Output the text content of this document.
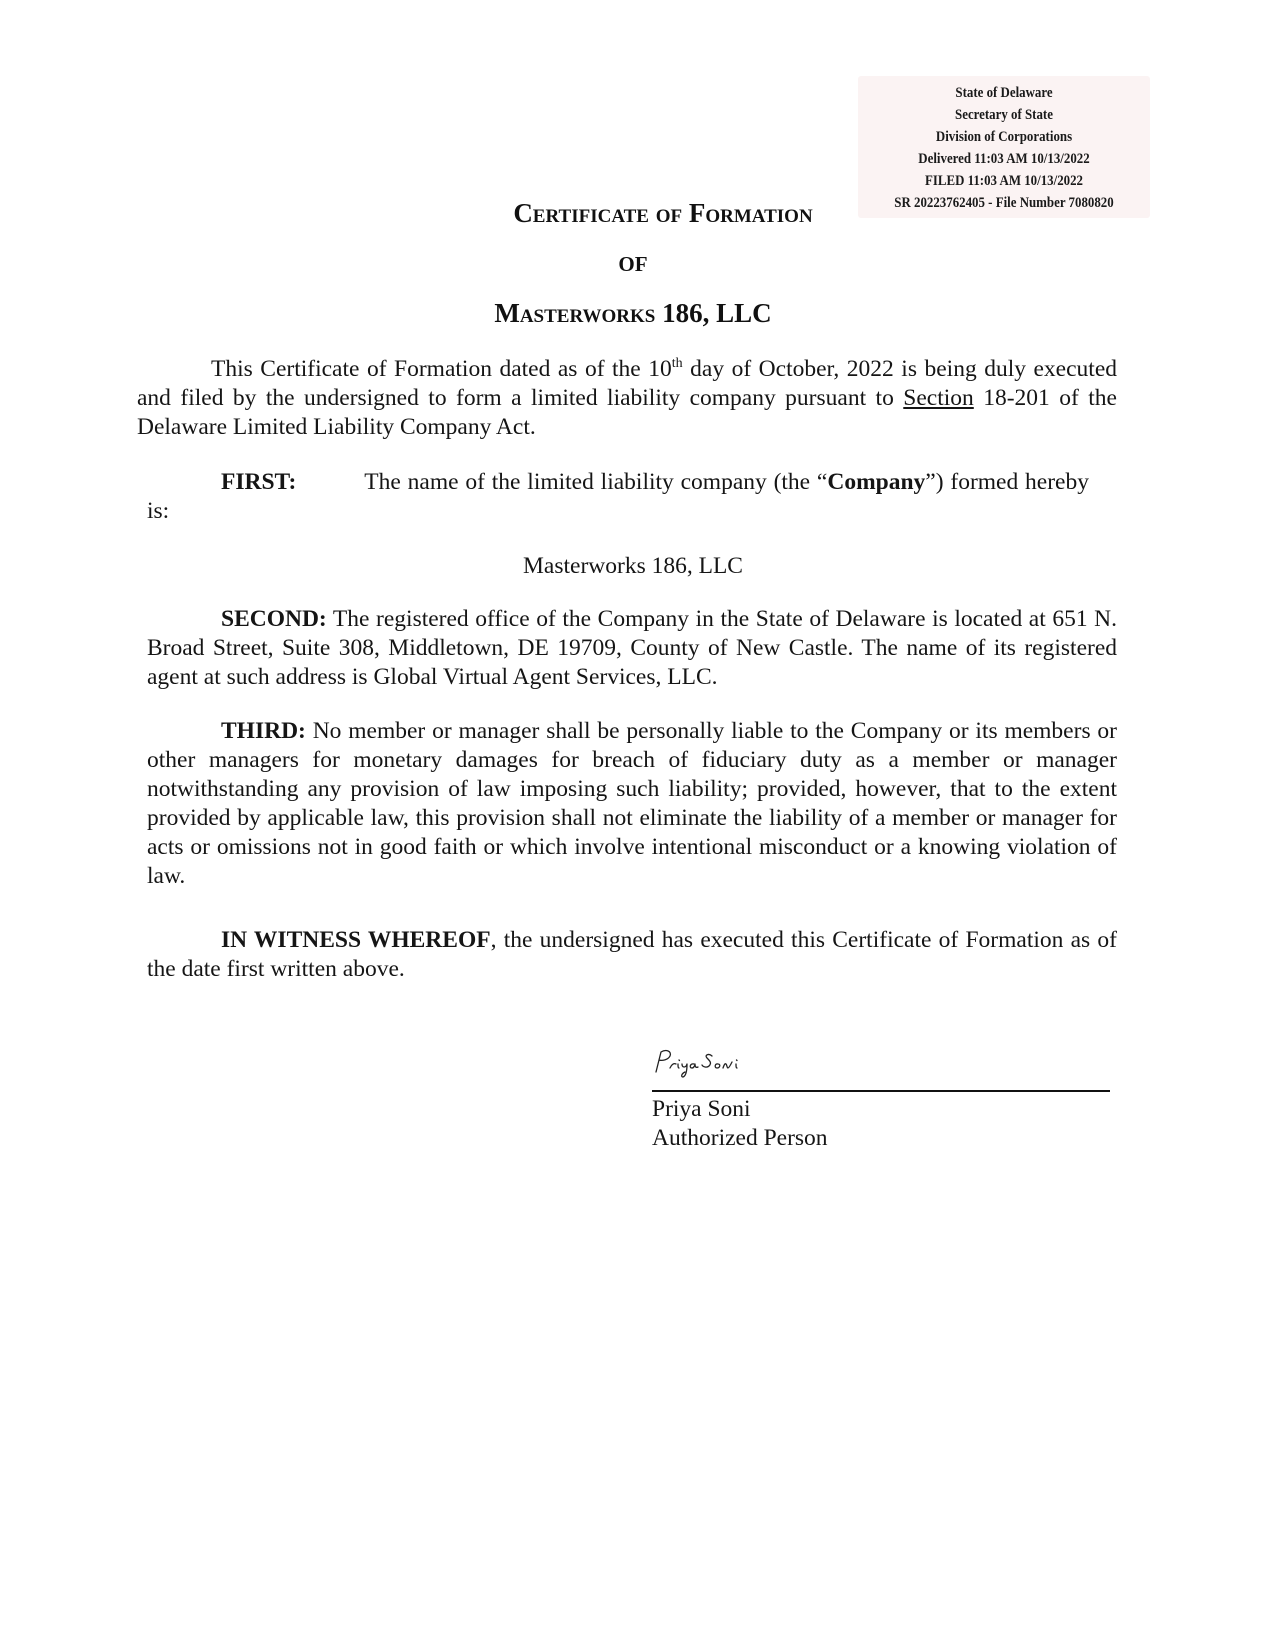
State of Delaware
Secretary of State
Division of Corporations
Delivered 11:03 AM 10/13/2022
FILED 11:03 AM 10/13/2022
SR 20223762405 - File Number 7080820
Certificate of Formation
OF
Masterworks 186, LLC
This Certificate of Formation dated as of the 10th day of October, 2022 is being duly executed and filed by the undersigned to form a limited liability company pursuant to Section 18-201 of the Delaware Limited Liability Company Act.
FIRST:	The name of the limited liability company (the “Company”) formed hereby is:
Masterworks 186, LLC
SECOND: The registered office of the Company in the State of Delaware is located at 651 N. Broad Street, Suite 308, Middletown, DE 19709, County of New Castle. The name of its registered agent at such address is Global Virtual Agent Services, LLC.
THIRD: No member or manager shall be personally liable to the Company or its members or other managers for monetary damages for breach of fiduciary duty as a member or manager notwithstanding any provision of law imposing such liability; provided, however, that to the extent provided by applicable law, this provision shall not eliminate the liability of a member or manager for acts or omissions not in good faith or which involve intentional misconduct or a knowing violation of law.
IN WITNESS WHEREOF, the undersigned has executed this Certificate of Formation as of the date first written above.
Priya Soni
Authorized Person
